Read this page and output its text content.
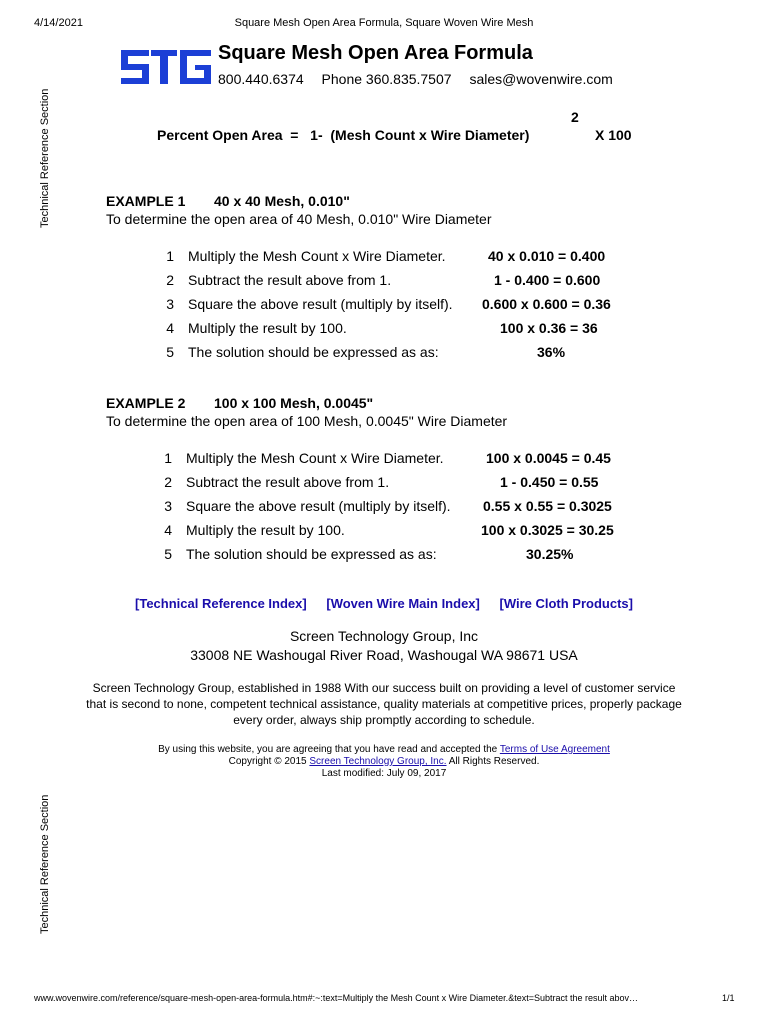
4/14/2021	Square Mesh Open Area Formula, Square Woven Wire Mesh
Technical Reference Section
Technical Reference Section
Square Mesh Open Area Formula
800.440.6374 Phone 360.835.7507 sales@wovenwire.com
2
Percent Open Area  =   1-  (Mesh Count x Wire Diameter)	X 100
EXAMPLE 1 40 x 40 Mesh, 0.010"
To determine the open area of 40 Mesh, 0.010" Wire Diameter
1 Multiply the Mesh Count x Wire Diameter.	40 x 0.010 = 0.400
2 Subtract the result above from 1.	1 - 0.400 = 0.600
3 Square the above result (multiply by itself). 0.600 x 0.600 = 0.36
4 Multiply the result by 100.	100 x 0.36 = 36
5 The solution should be expressed as as:	36%
EXAMPLE 2 100 x 100 Mesh, 0.0045"
To determine the open area of 100 Mesh, 0.0045" Wire Diameter
1 Multiply the Mesh Count x Wire Diameter.	100 x 0.0045 = 0.45
2 Subtract the result above from 1.	1 - 0.450 = 0.55
3 Square the above result (multiply by itself). 0.55 x 0.55 = 0.3025
4 Multiply the result by 100.	100 x 0.3025 = 30.25
5 The solution should be expressed as as:	30.25%
[Technical Reference Index] [Woven Wire Main Index] [Wire Cloth Products]
Screen Technology Group, Inc
33008 NE Washougal River Road, Washougal WA 98671 USA
Screen Technology Group, established in 1988 With our success built on providing a level of customer service that is second to none, competent technical assistance, quality materials at competitive prices, properly package every order, always ship promptly according to schedule.
By using this website, you are agreeing that you have read and accepted the Terms of Use Agreement
Copyright © 2015 Screen Technology Group, Inc. All Rights Reserved.
Last modified: July 09, 2017
www.wovenwire.com/reference/square-mesh-open-area-formula.htm#:~:text=Multiply the Mesh Count x Wire Diameter.&text=Subtract the result abov…	1/1
